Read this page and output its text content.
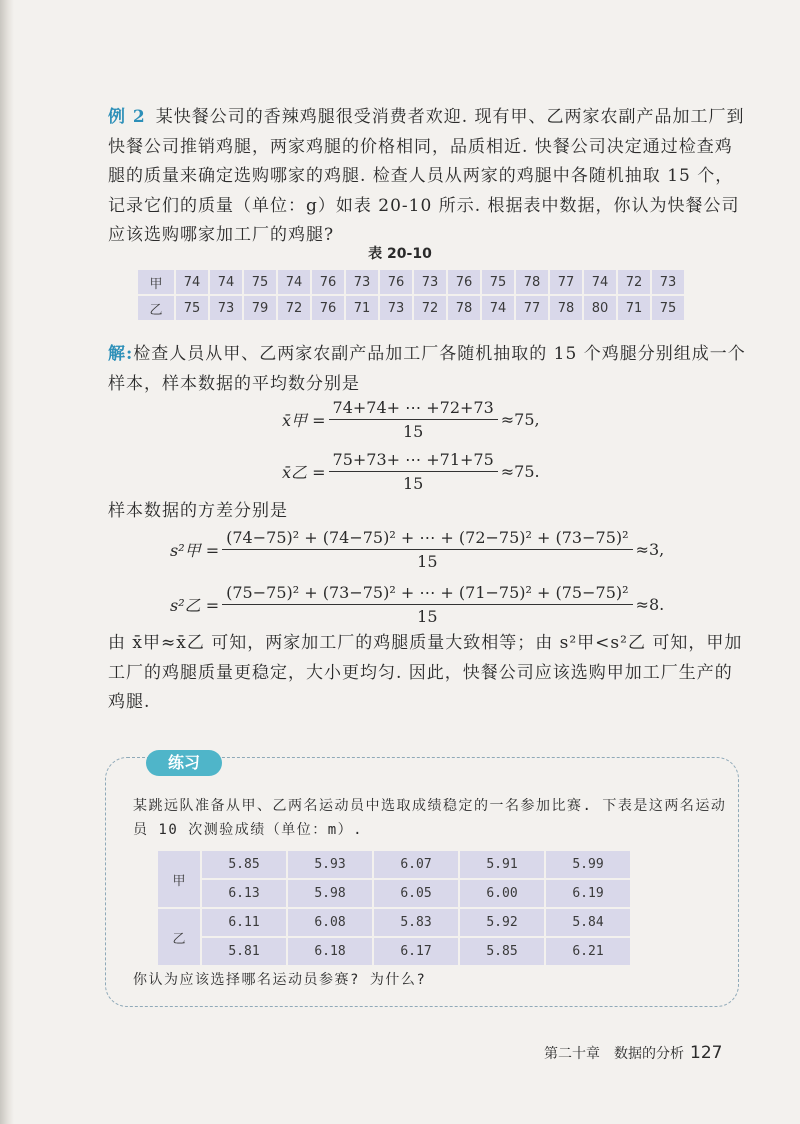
例 2 某快餐公司的香辣鸡腿很受消费者欢迎. 现有甲、乙两家农副产品加工厂到快餐公司推销鸡腿，两家鸡腿的价格相同，品质相近. 快餐公司决定通过检查鸡腿的质量来确定选购哪家的鸡腿. 检查人员从两家的鸡腿中各随机抽取 15 个，记录它们的质量（单位：g）如表 20-10 所示. 根据表中数据，你认为快餐公司应该选购哪家加工厂的鸡腿?
表 20-10
甲	74	74	75	74	76	73	76	73	76	75	78	77	74	72	73
乙	75	73	79	72	76	71	73	72	78	74	77	78	80	71	75
解:检查人员从甲、乙两家农副产品加工厂各随机抽取的 15 个鸡腿分别组成一个样本，样本数据的平均数分别是
x̄甲 = $\frac{74+74+ \cdots +72+73}{15} \approx 75$,
x̄乙 = $\frac{75+73+ \cdots +71+75}{15} \approx 75$.
样本数据的方差分别是
s²甲 = $\frac{\text{(74−75)² + (74−75)² + ⋯ + (72−75)² + (73−75)²}}{15} \approx 3$,
s²乙 = $\frac{\text{(75−75)² + (73−75)² + ⋯ + (71−75)² + (75−75)²}}{15} \approx 8$.
由 x̄甲≈x̄乙 可知，两家加工厂的鸡腿质量大致相等；由 s²甲<s²乙 可知，甲加工厂的鸡腿质量更稳定，大小更均匀. 因此，快餐公司应该选购甲加工厂生产的鸡腿.
练习
某跳远队准备从甲、乙两名运动员中选取成绩稳定的一名参加比赛. 下表是这两名运动员 10 次测验成绩（单位：m）.
甲	5.85	5.93	6.07	5.91	5.99
	6.13	5.98	6.05	6.00	6.19
乙	6.11	6.08	5.83	5.92	5.84
	5.81	6.18	6.17	5.85	6.21
你认为应该选择哪名运动员参赛? 为什么?
第二十章　数据的分析 127
